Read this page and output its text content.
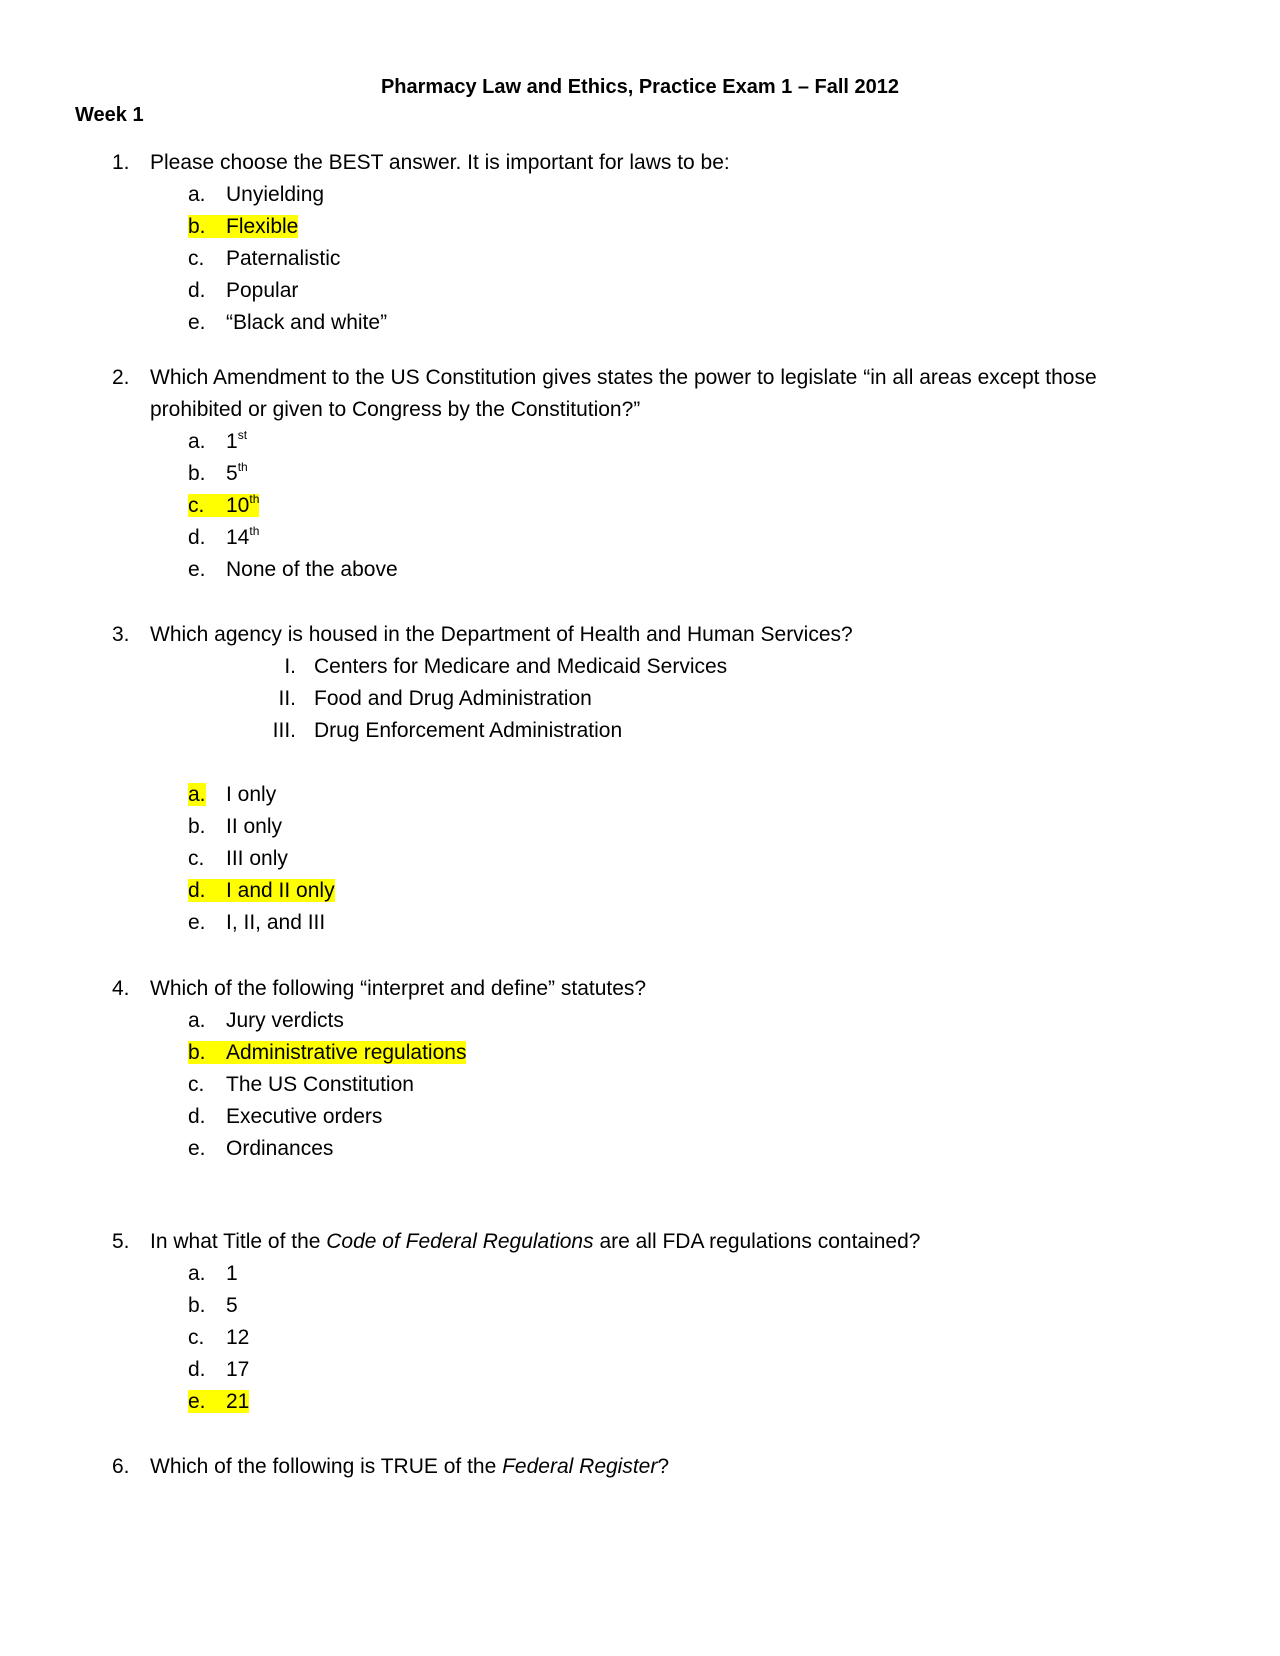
Pharmacy Law and Ethics, Practice Exam 1 – Fall 2012
Week 1
1. Please choose the BEST answer. It is important for laws to be:
a. Unyielding
b. Flexible
c. Paternalistic
d. Popular
e. “Black and white”
2. Which Amendment to the US Constitution gives states the power to legislate “in all areas except those prohibited or given to Congress by the Constitution?”
a. 1st
b. 5th
c. 10th
d. 14th
e. None of the above
3. Which agency is housed in the Department of Health and Human Services?
I. Centers for Medicare and Medicaid Services
II. Food and Drug Administration
III. Drug Enforcement Administration
a. I only
b. II only
c. III only
d. I and II only
e. I, II, and III
4. Which of the following “interpret and define” statutes?
a. Jury verdicts
b. Administrative regulations
c. The US Constitution
d. Executive orders
e. Ordinances
5. In what Title of the Code of Federal Regulations are all FDA regulations contained?
a. 1
b. 5
c. 12
d. 17
e. 21
6. Which of the following is TRUE of the Federal Register?
